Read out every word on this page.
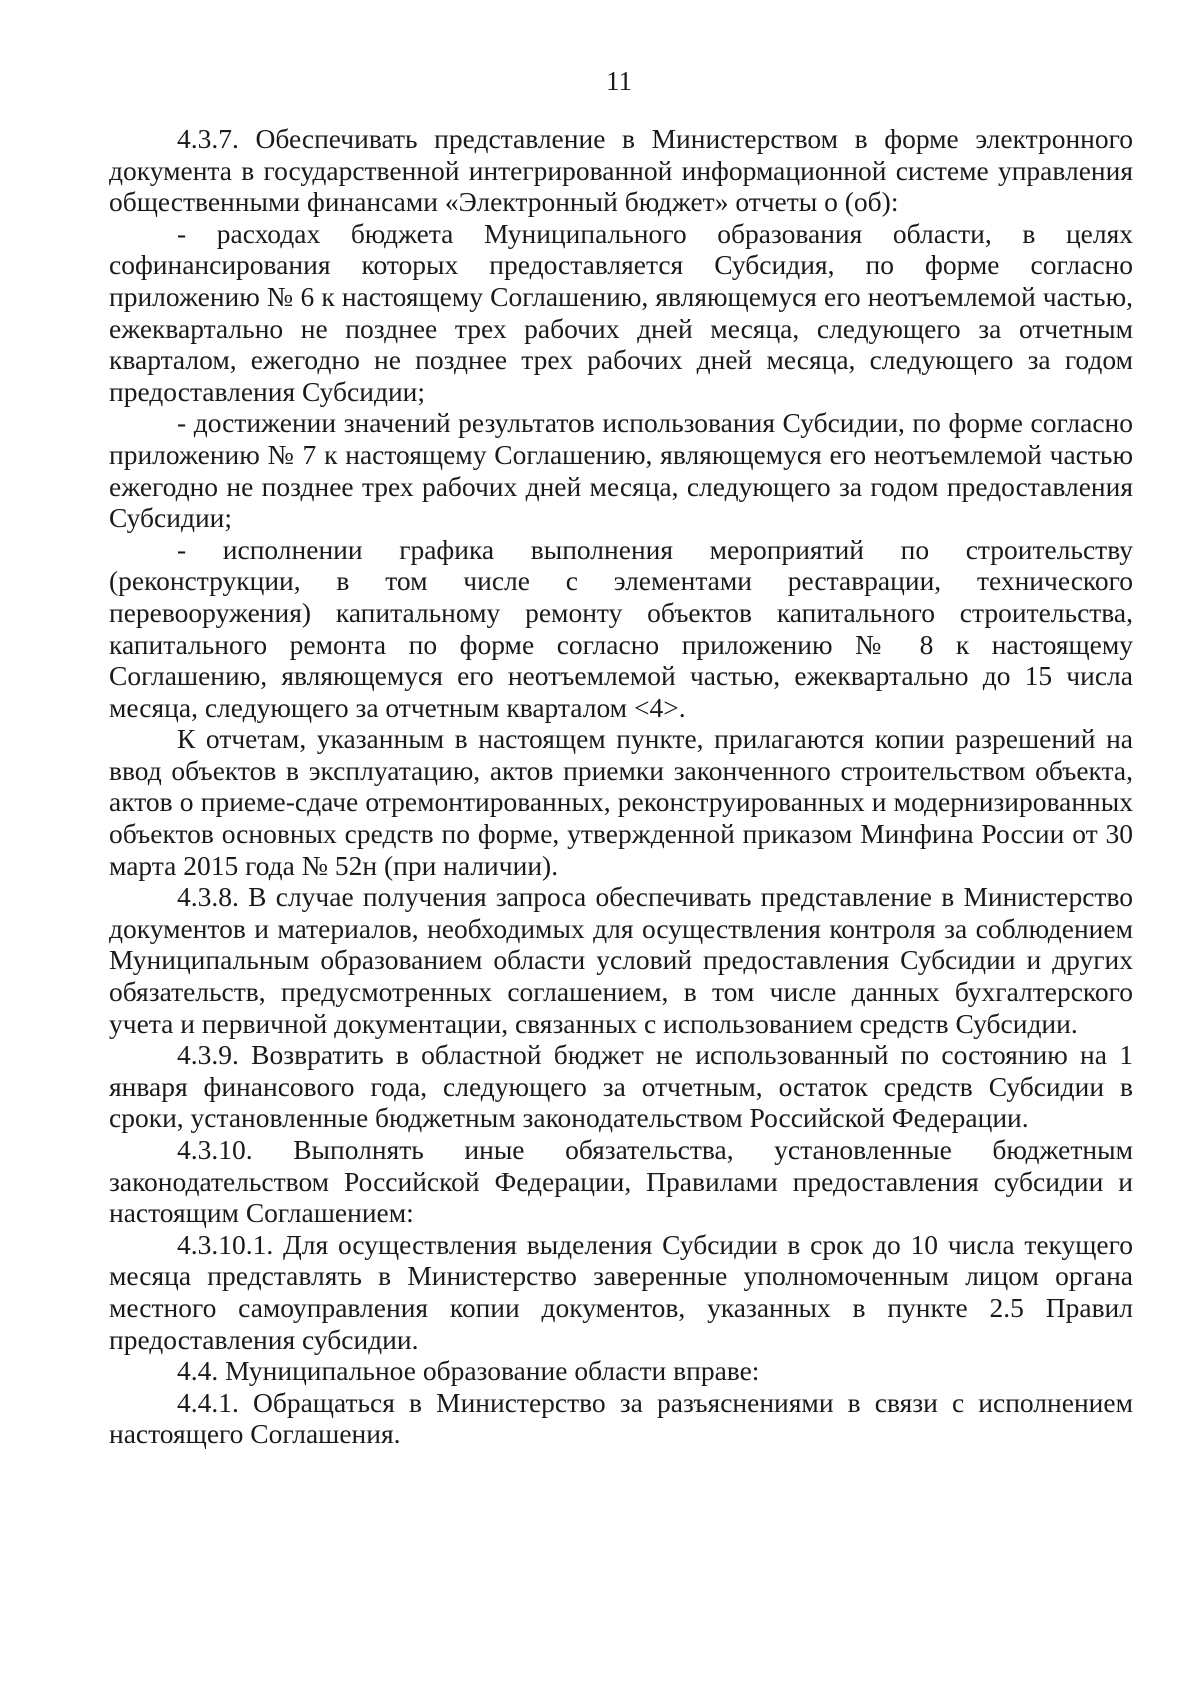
11

4.3.7. Обеспечивать представление в Министерством в форме электронного документа в государственной интегрированной информационной системе управления общественными финансами «Электронный бюджет» отчеты о (об):

- расходах бюджета Муниципального образования области, в целях софинансирования которых предоставляется Субсидия, по форме согласно приложению № 6 к настоящему Соглашению, являющемуся его неотъемлемой частью, ежеквартально не позднее трех рабочих дней месяца, следующего за отчетным кварталом, ежегодно не позднее трех рабочих дней месяца, следующего за годом предоставления Субсидии;

- достижении значений результатов использования Субсидии, по форме согласно приложению № 7 к настоящему Соглашению, являющемуся его неотъемлемой частью ежегодно не позднее трех рабочих дней месяца, следующего за годом предоставления Субсидии;

- исполнении графика выполнения мероприятий по строительству (реконструкции, в том числе с элементами реставрации, технического перевооружения) капитальному ремонту объектов капитального строительства, капитального ремонта по форме согласно приложению № 8 к настоящему Соглашению, являющемуся его неотъемлемой частью, ежеквартально до 15 числа месяца, следующего за отчетным кварталом <4>.

К отчетам, указанным в настоящем пункте, прилагаются копии разрешений на ввод объектов в эксплуатацию, актов приемки законченного строительством объекта, актов о приеме-сдаче отремонтированных, реконструированных и модернизированных объектов основных средств по форме, утвержденной приказом Минфина России от 30 марта 2015 года № 52н (при наличии).

4.3.8. В случае получения запроса обеспечивать представление в Министерство документов и материалов, необходимых для осуществления контроля за соблюдением Муниципальным образованием области условий предоставления Субсидии и других обязательств, предусмотренных соглашением, в том числе данных бухгалтерского учета и первичной документации, связанных с использованием средств Субсидии.

4.3.9. Возвратить в областной бюджет не использованный по состоянию на 1 января финансового года, следующего за отчетным, остаток средств Субсидии в сроки, установленные бюджетным законодательством Российской Федерации.

4.3.10. Выполнять иные обязательства, установленные бюджетным законодательством Российской Федерации, Правилами предоставления субсидии и настоящим Соглашением:

4.3.10.1. Для осуществления выделения Субсидии в срок до 10 числа текущего месяца представлять в Министерство заверенные уполномоченным лицом органа местного самоуправления копии документов, указанных в пункте 2.5 Правил предоставления субсидии.

4.4. Муниципальное образование области вправе:

4.4.1. Обращаться в Министерство за разъяснениями в связи с исполнением настоящего Соглашения.
